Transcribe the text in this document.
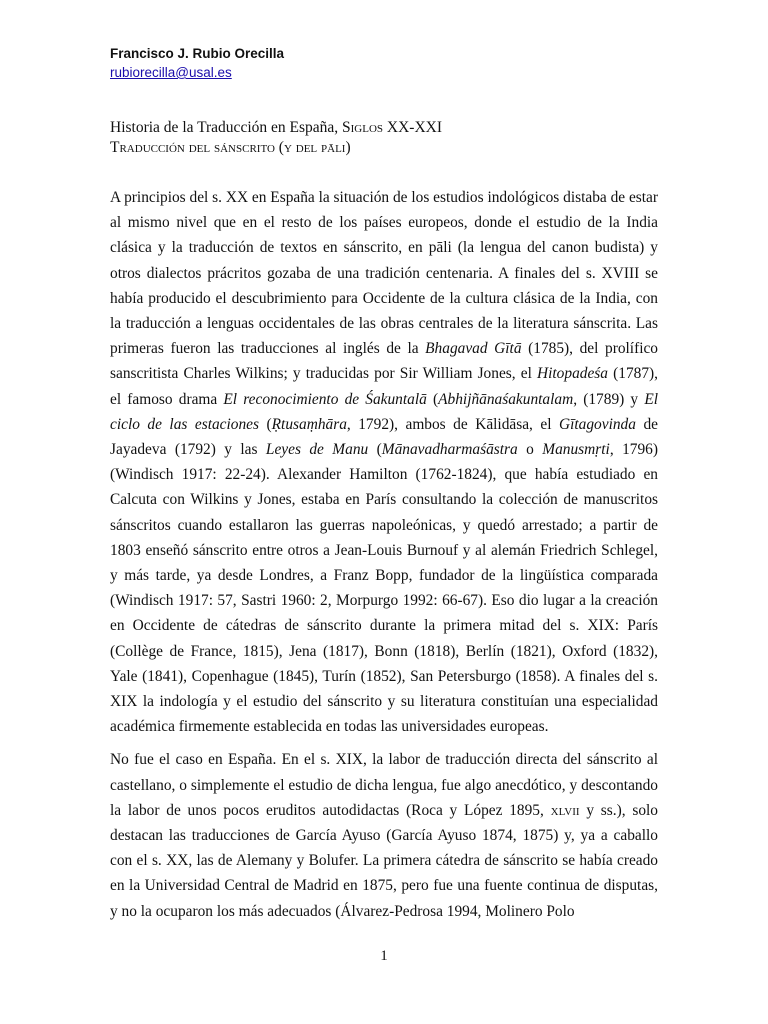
Francisco J. Rubio Orecilla

rubiorecilla@usal.es

Historia de la Traducción en España, Siglos XX-XXI

Traducción del sánscrito (y del pāli)

A principios del s. XX en España la situación de los estudios indológicos distaba de estar al mismo nivel que en el resto de los países europeos, donde el estudio de la India clásica y la traducción de textos en sánscrito, en pāli (la lengua del canon budista) y otros dialectos prácritos gozaba de una tradición centenaria. A finales del s. XVIII se había producido el descubrimiento para Occidente de la cultura clásica de la India, con la traducción a lenguas occidentales de las obras centrales de la literatura sánscrita. Las primeras fueron las traducciones al inglés de la Bhagavad Gītā (1785), del prolífico sanscritista Charles Wilkins; y traducidas por Sir William Jones, el Hitopadeśa (1787), el famoso drama El reconocimiento de Śakuntalā (Abhijñānaśakuntalam, (1789) y El ciclo de las estaciones (Ṛtusaṃhāra, 1792), ambos de Kālidāsa, el Gītagovinda de Jayadeva (1792) y las Leyes de Manu (Mānavadharmaśāstra o Manusmṛti, 1796) (Windisch 1917: 22-24). Alexander Hamilton (1762-1824), que había estudiado en Calcuta con Wilkins y Jones, estaba en París consultando la colección de manuscritos sánscritos cuando estallaron las guerras napoleónicas, y quedó arrestado; a partir de 1803 enseñó sánscrito entre otros a Jean-Louis Burnouf y al alemán Friedrich Schlegel, y más tarde, ya desde Londres, a Franz Bopp, fundador de la lingüística comparada (Windisch 1917: 57, Sastri 1960: 2, Morpurgo 1992: 66-67). Eso dio lugar a la creación en Occidente de cátedras de sánscrito durante la primera mitad del s. XIX: París (Collège de France, 1815), Jena (1817), Bonn (1818), Berlín (1821), Oxford (1832), Yale (1841), Copenhague (1845), Turín (1852), San Petersburgo (1858). A finales del s. XIX la indología y el estudio del sánscrito y su literatura constituían una especialidad académica firmemente establecida en todas las universidades europeas.

No fue el caso en España. En el s. XIX, la labor de traducción directa del sánscrito al castellano, o simplemente el estudio de dicha lengua, fue algo anecdótico, y descontando la labor de unos pocos eruditos autodidactas (Roca y López 1895, xlvii y ss.), solo destacan las traducciones de García Ayuso (García Ayuso 1874, 1875) y, ya a caballo con el s. XX, las de Alemany y Bolufer. La primera cátedra de sánscrito se había creado en la Universidad Central de Madrid en 1875, pero fue una fuente continua de disputas, y no la ocuparon los más adecuados (Álvarez-Pedrosa 1994, Molinero Polo

1
